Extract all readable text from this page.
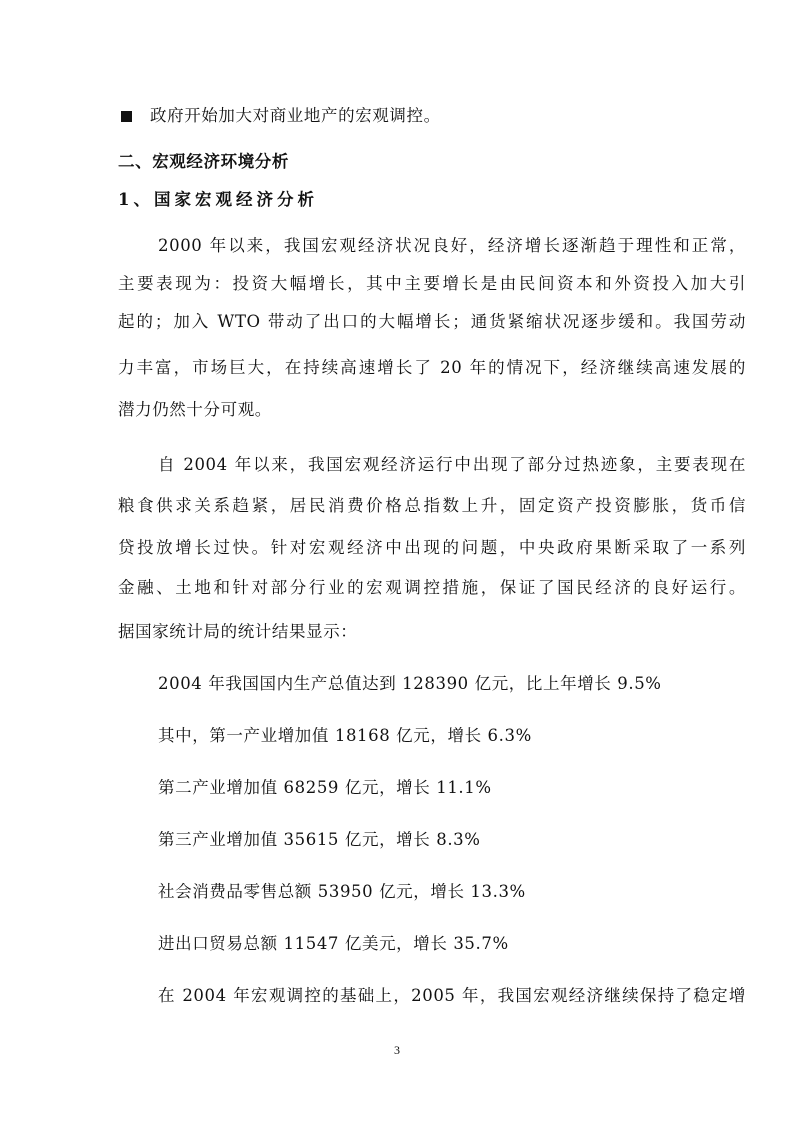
政府开始加大对商业地产的宏观调控。
二、宏观经济环境分析
1、国家宏观经济分析
2000 年以来，我国宏观经济状况良好，经济增长逐渐趋于理性和正常，
主要表现为：投资大幅增长，其中主要增长是由民间资本和外资投入加大引
起的；加入 WTO 带动了出口的大幅增长；通货紧缩状况逐步缓和。我国劳动
力丰富，市场巨大，在持续高速增长了 20 年的情况下，经济继续高速发展的
潜力仍然十分可观。
自 2004 年以来，我国宏观经济运行中出现了部分过热迹象，主要表现在
粮食供求关系趋紧，居民消费价格总指数上升，固定资产投资膨胀，货币信
贷投放增长过快。针对宏观经济中出现的问题，中央政府果断采取了一系列
金融、土地和针对部分行业的宏观调控措施，保证了国民经济的良好运行。
据国家统计局的统计结果显示：
2004 年我国国内生产总值达到 128390 亿元，比上年增长 9.5%
其中，第一产业增加值 18168 亿元，增长 6.3%
第二产业增加值 68259 亿元，增长 11.1%
第三产业增加值 35615 亿元，增长 8.3%
社会消费品零售总额 53950 亿元，增长 13.3%
进出口贸易总额 11547 亿美元，增长 35.7%
在 2004 年宏观调控的基础上，2005 年，我国宏观经济继续保持了稳定增
3
